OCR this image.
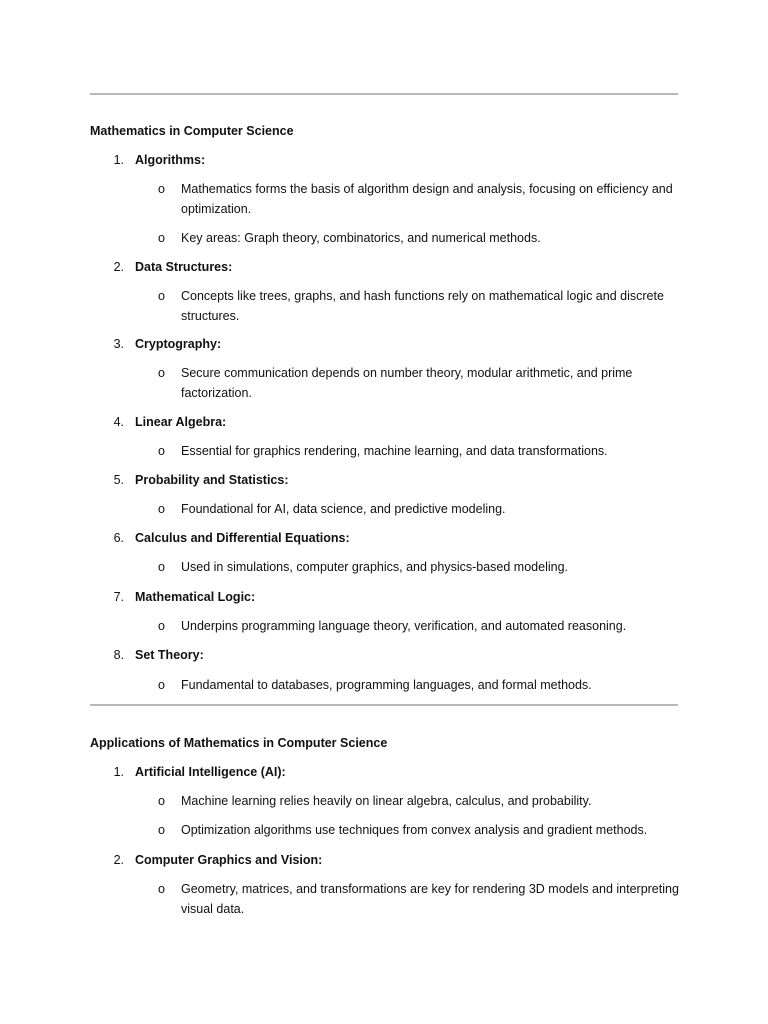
Mathematics in Computer Science
1. Algorithms:
o Mathematics forms the basis of algorithm design and analysis, focusing on efficiency and optimization.
o Key areas: Graph theory, combinatorics, and numerical methods.
2. Data Structures:
o Concepts like trees, graphs, and hash functions rely on mathematical logic and discrete structures.
3. Cryptography:
o Secure communication depends on number theory, modular arithmetic, and prime factorization.
4. Linear Algebra:
o Essential for graphics rendering, machine learning, and data transformations.
5. Probability and Statistics:
o Foundational for AI, data science, and predictive modeling.
6. Calculus and Differential Equations:
o Used in simulations, computer graphics, and physics-based modeling.
7. Mathematical Logic:
o Underpins programming language theory, verification, and automated reasoning.
8. Set Theory:
o Fundamental to databases, programming languages, and formal methods.
Applications of Mathematics in Computer Science
1. Artificial Intelligence (AI):
o Machine learning relies heavily on linear algebra, calculus, and probability.
o Optimization algorithms use techniques from convex analysis and gradient methods.
2. Computer Graphics and Vision:
o Geometry, matrices, and transformations are key for rendering 3D models and interpreting visual data.
